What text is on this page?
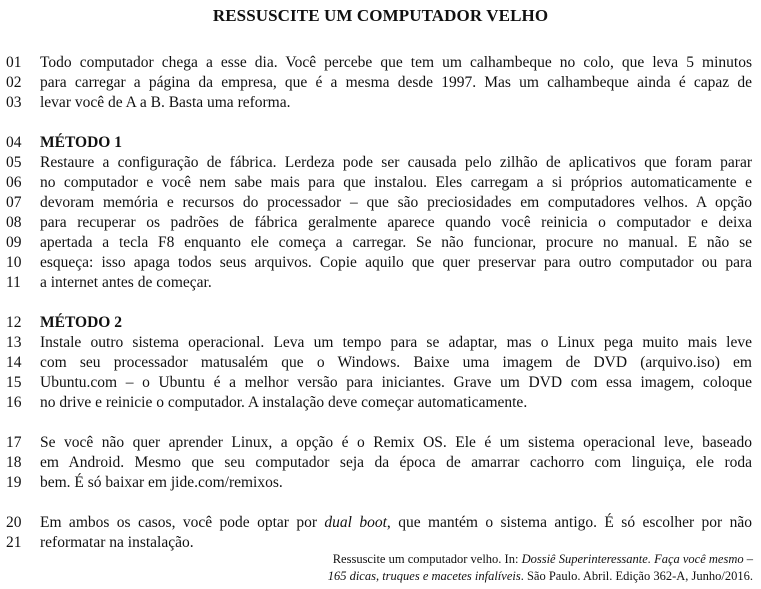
RESSUSCITE UM COMPUTADOR VELHO
01 Todo computador chega a esse dia. Você percebe que tem um calhambeque no colo, que leva 5 minutos
02 para carregar a página da empresa, que é a mesma desde 1997. Mas um calhambeque ainda é capaz de
03 levar você de A a B. Basta uma reforma.
04 MÉTODO 1
05 Restaure a configuração de fábrica. Lerdeza pode ser causada pelo zilhão de aplicativos que foram parar
06 no computador e você nem sabe mais para que instalou. Eles carregam a si próprios automaticamente e
07 devoram memória e recursos do processador – que são preciosidades em computadores velhos. A opção
08 para recuperar os padrões de fábrica geralmente aparece quando você reinicia o computador e deixa
09 apertada a tecla F8 enquanto ele começa a carregar. Se não funcionar, procure no manual. E não se
10 esqueça: isso apaga todos seus arquivos. Copie aquilo que quer preservar para outro computador ou para
11 a internet antes de começar.
12 MÉTODO 2
13 Instale outro sistema operacional. Leva um tempo para se adaptar, mas o Linux pega muito mais leve
14 com seu processador matusalém que o Windows. Baixe uma imagem de DVD (arquivo.iso) em
15 Ubuntu.com – o Ubuntu é a melhor versão para iniciantes. Grave um DVD com essa imagem, coloque
16 no drive e reinicie o computador. A instalação deve começar automaticamente.
17 Se você não quer aprender Linux, a opção é o Remix OS. Ele é um sistema operacional leve, baseado
18 em Android. Mesmo que seu computador seja da época de amarrar cachorro com linguiça, ele roda
19 bem. É só baixar em jide.com/remixos.
20 Em ambos os casos, você pode optar por dual boot, que mantém o sistema antigo. É só escolher por não
21 reformatar na instalação.
Ressuscite um computador velho. In: Dossiê Superinteressante. Faça você mesmo –
165 dicas, truques e macetes infalíveis. São Paulo. Abril. Edição 362-A, Junho/2016.
